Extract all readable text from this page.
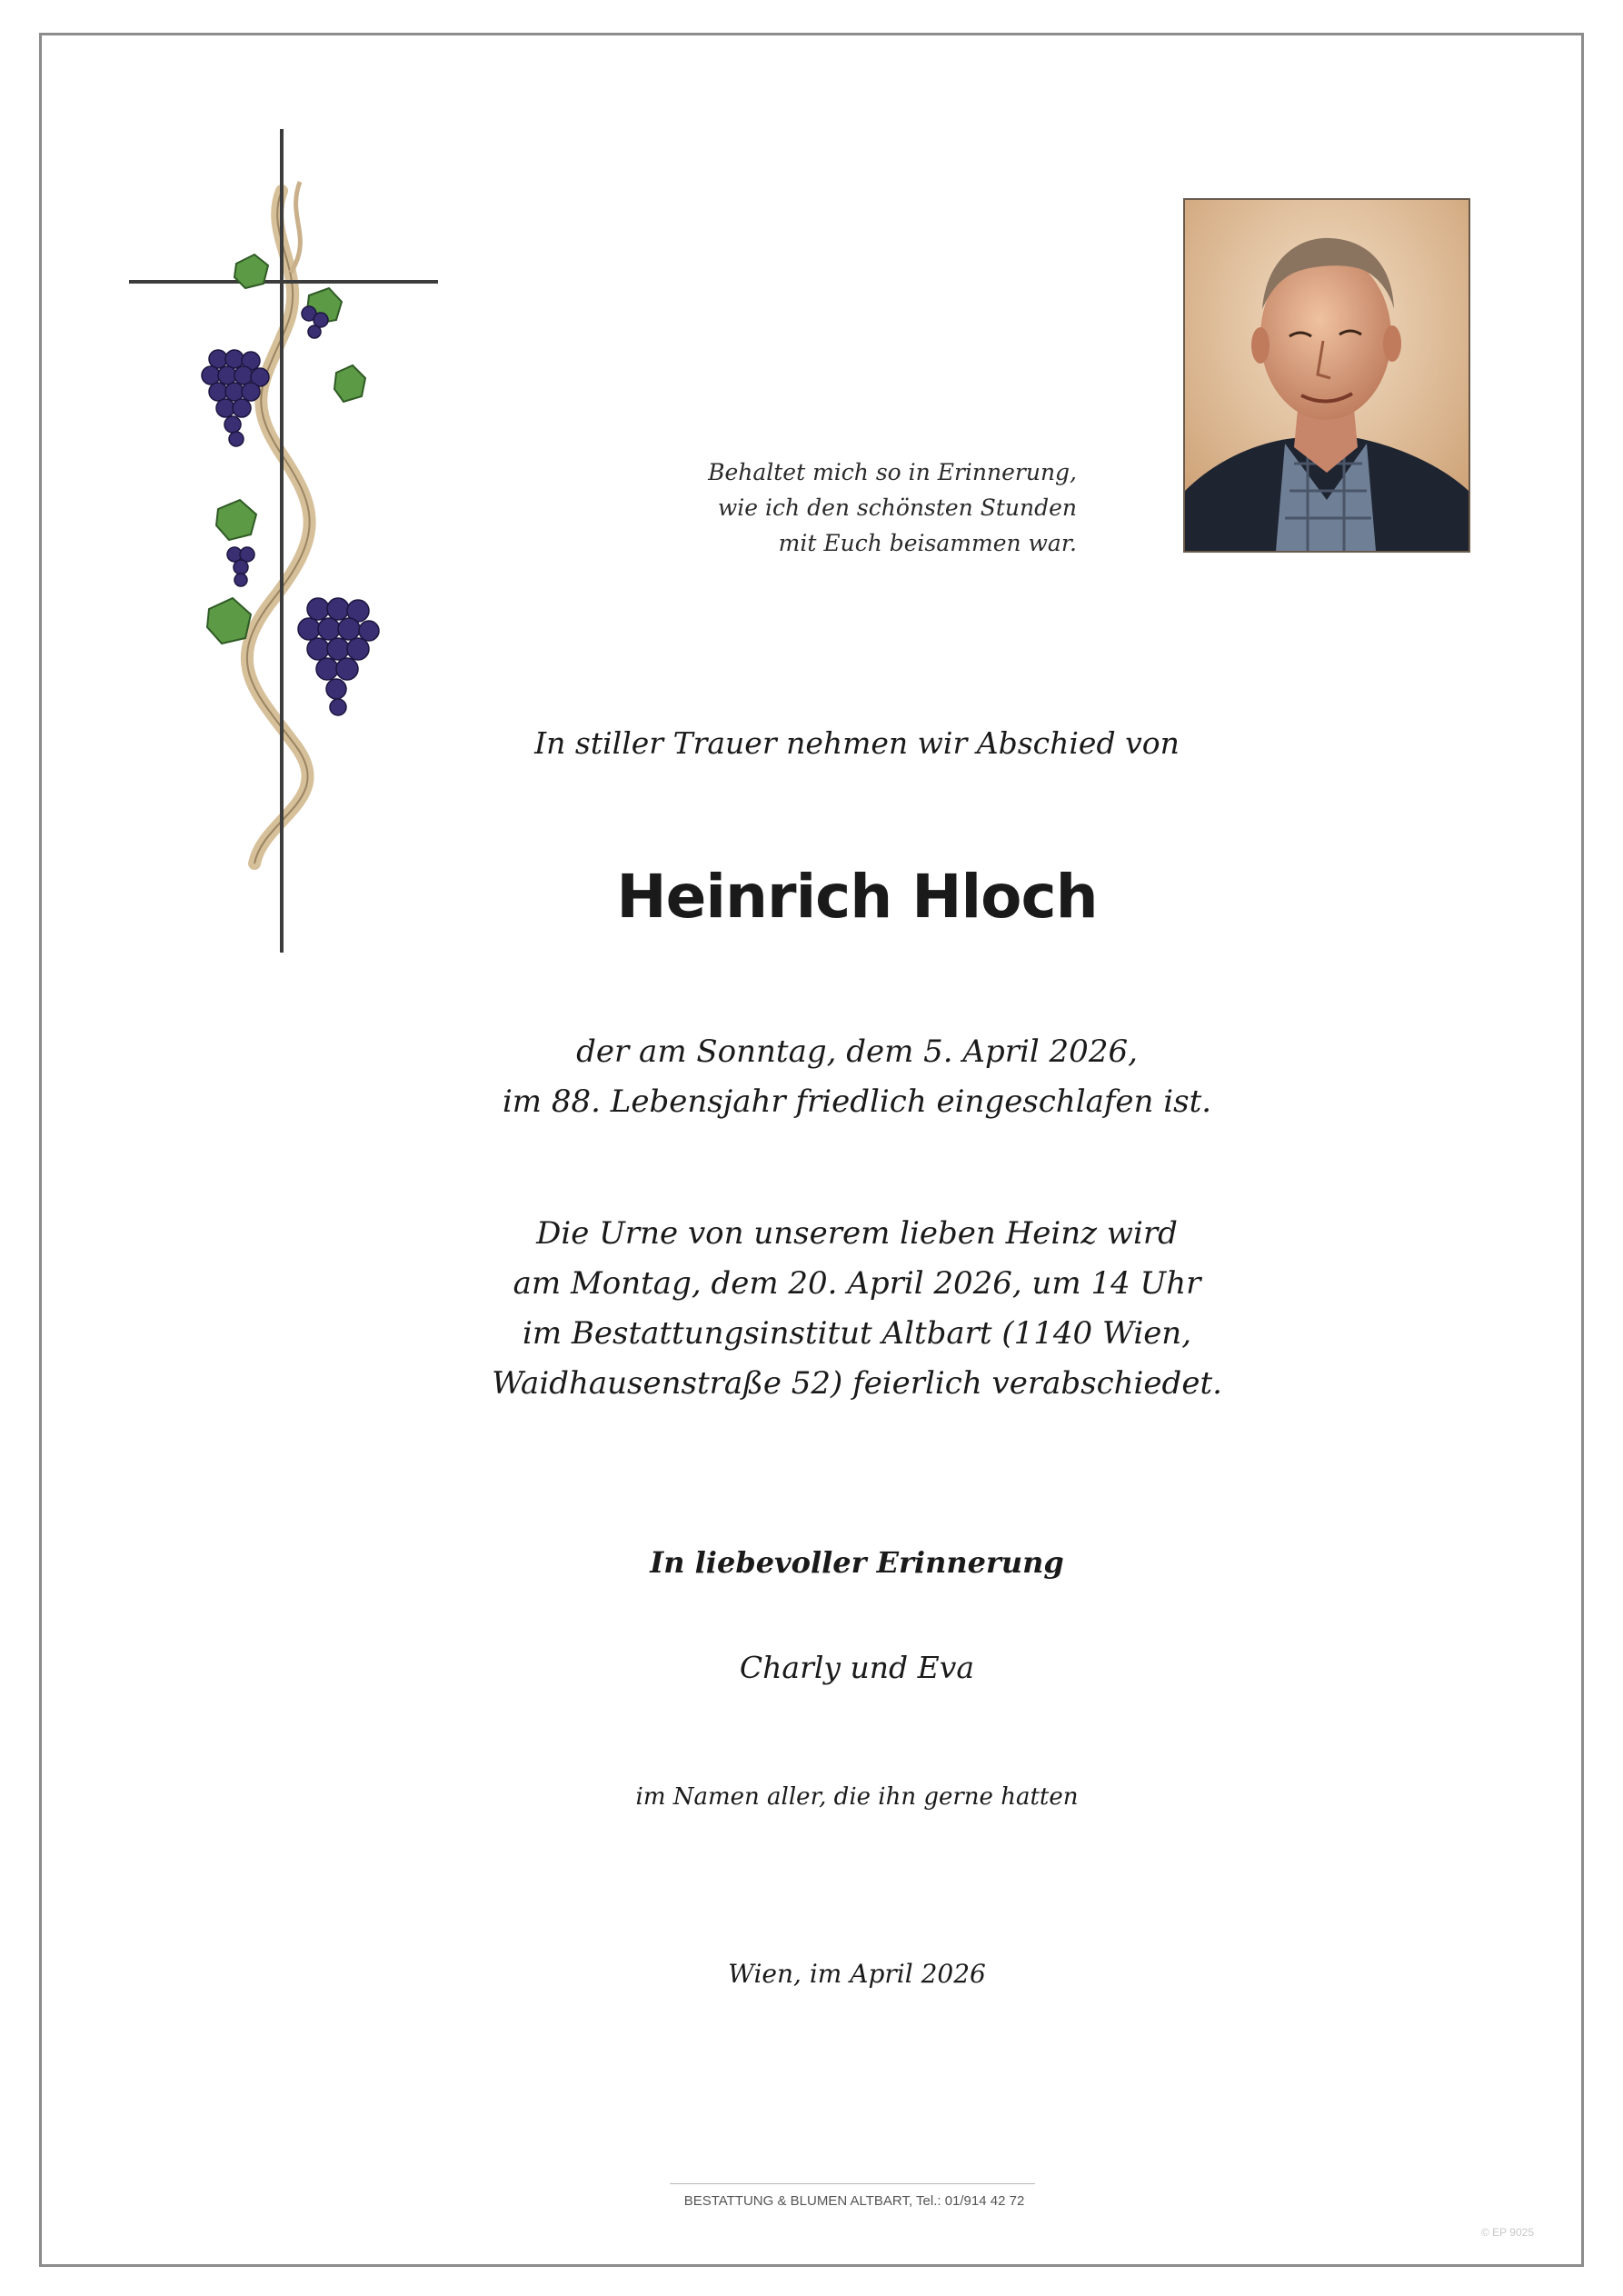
Behaltet mich so in Erinnerung,
wie ich den schönsten Stunden
mit Euch beisammen war.
In stiller Trauer nehmen wir Abschied von
Heinrich Hloch
der am Sonntag, dem 5. April 2026,
im 88. Lebensjahr friedlich eingeschlafen ist.
Die Urne von unserem lieben Heinz wird
am Montag, dem 20. April 2026, um 14 Uhr
im Bestattungsinstitut Altbart (1140 Wien,
Waidhausenstraße 52) feierlich verabschiedet.
In liebevoller Erinnerung
Charly und Eva
im Namen aller, die ihn gerne hatten
Wien, im April 2026
BESTATTUNG & BLUMEN ALTBART, Tel.: 01/914 42 72
© EP 9025
